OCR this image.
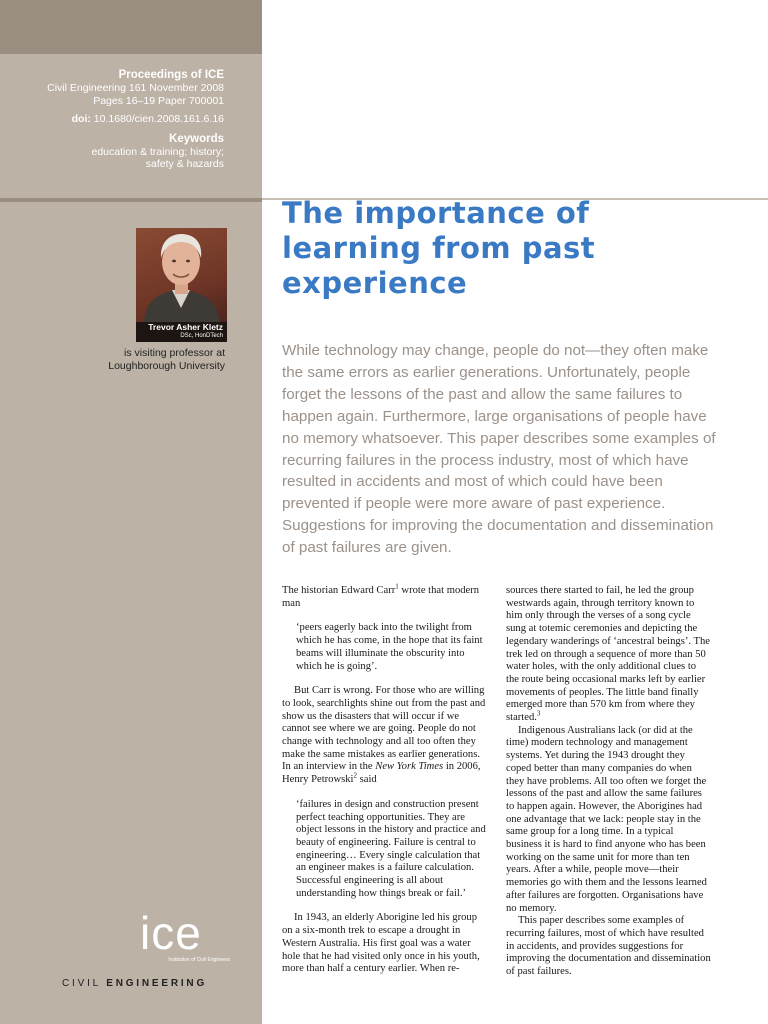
Proceedings of ICE
Civil Engineering 161 November 2008
Pages 16–19 Paper 700001
doi: 10.1680/cien.2008.161.6.16
Keywords
education & training; history;
safety & hazards
Trevor Asher Kletz
DSc, HonDTech
is visiting professor at
Loughborough University
ice
Institution of Civil Engineers
CIVIL ENGINEERING
The importance of learning from past experience

While technology may change, people do not—they often make the same errors as earlier generations. Unfortunately, people forget the lessons of the past and allow the same failures to happen again. Furthermore, large organisations of people have no memory whatsoever. This paper describes some examples of recurring failures in the process industry, most of which have resulted in accidents and most of which could have been prevented if people were more aware of past experience. Suggestions for improving the documentation and dissemination of past failures are given.

The historian Edward Carr$^1$ wrote that modern man

‘peers eagerly back into the twilight from which he has come, in the hope that its faint beams will illuminate the obscurity into which he is going’.

But Carr is wrong. For those who are willing to look, searchlights shine out from the past and show us the disasters that will occur if we cannot see where we are going. People do not change with technology and all too often they make the same mistakes as earlier generations. In an interview in the New York Times in 2006, Henry Petrowski$^2$ said

‘failures in design and construction present perfect teaching opportunities. They are object lessons in the history and practice and beauty of engineering. Failure is central to engineering… Every single calculation that an engineer makes is a failure calculation. Successful engineering is all about understanding how things break or fail.’

In 1943, an elderly Aborigine led his group on a six-month trek to escape a drought in Western Australia. His first goal was a water hole that he had visited only once in his youth, more than half a century earlier. When re-

sources there started to fail, he led the group westwards again, through territory known to him only through the verses of a song cycle sung at totemic ceremonies and depicting the legendary wanderings of ‘ancestral beings’. The trek led on through a sequence of more than 50 water holes, with the only additional clues to the route being occasional marks left by earlier movements of peoples. The little band finally emerged more than 570 km from where they started.$^3$

Indigenous Australians lack (or did at the time) modern technology and management systems. Yet during the 1943 drought they coped better than many companies do when they have problems. All too often we forget the lessons of the past and allow the same failures to happen again. However, the Aborigines had one advantage that we lack: people stay in the same group for a long time. In a typical business it is hard to find anyone who has been working on the same unit for more than ten years. After a while, people move—their memories go with them and the lessons learned after failures are forgotten. Organisations have no memory.

This paper describes some examples of recurring failures, most of which have resulted in accidents, and provides suggestions for improving the documentation and dissemination of past failures.
